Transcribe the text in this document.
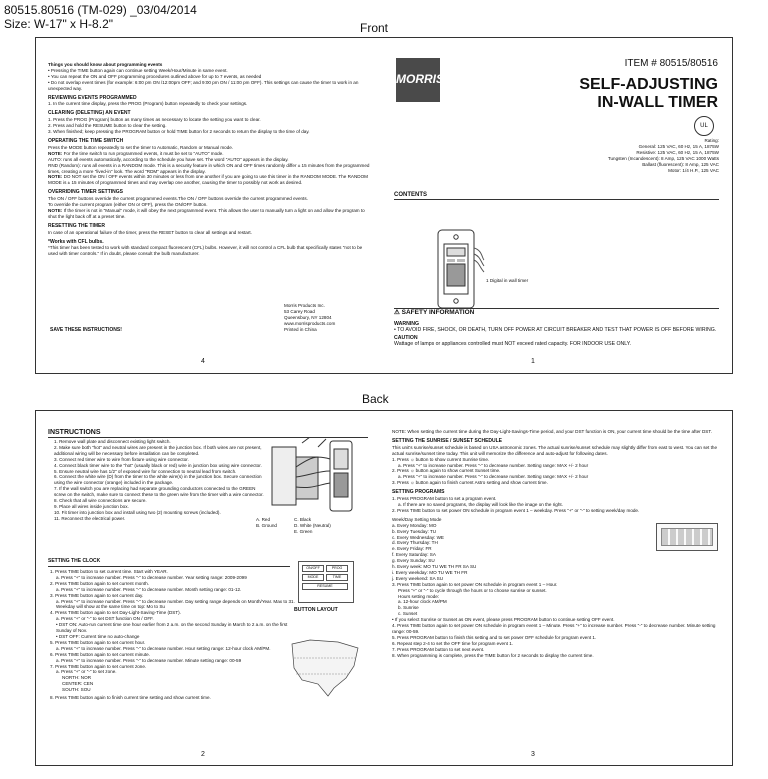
80515.80516 (TM-029) _03/04/2014
Size: W-17" x H-8.2"	Front
Back
Things you should know about programming events
• Pressing the TIME button again can continue setting Week/Hour/Minute in same event.
• You can repeat the ON and OFF programming procedures outlined above for up to 7 events, as needed
• Do not overlap event times (for example: 6:00 pm ON /12:00pm OFF; and 9:00 pm ON / 11:00 pm OFF). This settings can cause the timer to work in an unexpected way.
REVIEWING EVENTS PROGRAMMED
1. In the current time display, press the PROG (Program) button repeatedly to check your settings.
CLEARING (DELETING) AN EVENT
1. Press the PROG (Program) button as many times as necessary to locate the setting you want to clear.
2. Press and hold the RESUME button to clear the setting.
3. When finished; keep pressing the PROGRAM button or hold TIME button for 2 seconds to return the display to the time of day.
OPERATING THE TIME SWITCH
Press the MODE button repeatedly to set the timer to Automatic, Random or Manual mode.
NOTE: For the time switch to run programmed events, it must be set to "AUTO" mode.
AUTO: runs all events automatically, according to the schedule you have set. The word "AUTO" appears in the display.
RND (Random): runs all events in a RANDOM mode. This is a security feature in which ON and OFF times randomly differ ± 15 minutes from the programmed times, creating a more "lived-in" look. The word "RDM" appears in the display.
NOTE: DO NOT set the ON / OFF events within 30 minutes or less from one another if you are going to use this timer in the RANDOM MODE. The RANDOM MODE is ± 15 minutes of programmed times and may overlap one another, causing the timer to possibly not work as desired.
OVERRIDING TIMER SETTINGS
The ON / OFF buttons override the current programmed events.The ON / OFF buttons override the current programmed events.
To override the current program (either ON or OFF), press the ON/OFF button.
NOTE: If the timer is not in "Manual" mode, it will obey the next programmed event. This allows the user to manually turn a light on and allow the program to shut the light back off at a preset time.
RESETTING THE TIMER
In case of an operational failure of the timer, press the RESET button to clear all settings and restart.
*Works with CFL bulbs.
*This timer has been tested to work with standard compact fluorescent (CFL) bulbs. However, it will not control a CFL bulb that specifically states "not to be used with timer controls." If in doubt, please consult the bulb manufacturer.
Morris Products Inc.
53 Carey Road
Queensbury, NY 12804
www.morrisproducts.com
Printed in China
SAVE THESE INSTRUCTIONS!
4
MORRIS
ITEM # 80515/80516
SELF-ADJUSTING
IN-WALL TIMER
UL
Rating:
General: 125 VAC, 60 Hz, 15 A, 1875W
Resistive: 125 VAC, 60 Hz, 15 A, 1875W
Tungsten (Incandescent): 8 Amp, 125 VAC 1000 Watts
Ballast (fluorescent): 8 Amp, 125 VAC
Motor: 1/4 H.P., 125 VAC
CONTENTS
1 Digital in wall timer
⚠ SAFETY INFORMATION
WARNING
• TO AVOID FIRE, SHOCK, OR DEATH, TURN OFF POWER AT CIRCUIT BREAKER AND TEST THAT POWER IS OFF BEFORE WIRING.
CAUTION
Wattage of lamps or appliances controlled must NOT exceed rated capacity. FOR INDOOR USE ONLY.
1
INSTRUCTIONS
1. Remove wall plate and disconnect existing light switch.
2. Make sure both "hot" and neutral wires are present in the junction box. If both wires are not present, additional wiring will be necessary before installation can be completed.
3. Connect red timer wire to wire from fixture using wire connector.
4. Connect black timer wire to the "hot" (usually black or red) wire in junction box using wire connector.
5. Ensure neutral wire has 1/2" of exposed wire for connection to neutral lead from switch.
6. Connect the white wire (D) from the timer to the white wire(s) in the junction box. Secure connection using the wire connector (orange) included in the package.
7. If the wall switch you are replacing had separate grounding conductors connected to the GREEN screw on the switch, make sure to connect these to the green wire from the timer with a wire connector.
8. Check that all wire connections are secure.
9. Place all wires inside junction box.
10. Fit timer into junction box and install using two (2) mounting screws (included).
11. Reconnect the electrical power.	A. Red
B. Ground
C. Black
D. White (Neutral)
E. Green
SETTING THE CLOCK
1. Press TIME button to set current time. Start with YEAR.
a. Press "+" to increase number. Press "-" to decrease number. Year setting range: 2009-2099
2. Press TIME button again to set current month.
a. Press "+" to increase number. Press "-" to decrease number. Month setting range: 01-12.
3. Press TIME button again to set current day.
a. Press "+" to increase number. Press "-" to decrease number. Day setting range depends on Month/Year. Max to 31. Weekday will show at the same time on top: Mo to Su
4. Press TIME button again to set Day-Light-Saving-Time (DST).
a. Press "+" or "-" to set DST function ON / OFF.
• DST ON: Auto-run current time one hour earlier from 2 a.m. on the second Sunday in March to 2 a.m. on the first Sunday of Nov.
• DST OFF: Current time no auto-change
5. Press TIME button again to set current hour.
a. Press "+" to increase number. Press "-" to decrease number. Hour setting range: 12-hour clock AM/PM.
6. Press TIME button again to set current minute.
a. Press "+" to increase number. Press "-" to decrease number. Minute setting range: 00-59
7. Press TIME button again to set current zone.
a. Press "+" or "-" to set zone.
NORTH: NOR
CENTER: CEN
SOUTH: SOU
8. Press TIME button again to finish current time setting and show current time.
ON/OFF	PROG
MODE	TIME
RESUME
BUTTON LAYOUT
2
NOTE: When setting the current time during the Day-Light-Savings-Time period, and your DST function is ON, your current time should be the time after DST.
SETTING THE SUNRISE / SUNSET SCHEDULE
This unit's sunrise/sunset schedule is based on USA astronomic zones. The actual sunrise/sunset schedule may slightly differ from east to west. You can set the actual sunrise/sunset time today. This unit will memorize the difference and auto-adjust for following dates.
1. Press ☼ button to show current Sunrise time.
a. Press "+" to increase number. Press "-" to decrease number. Setting range: MAX +/- 2 hour
2. Press ☼ button again to show current Sunset time.
a. Press "+" to increase number. Press "-" to decrease number. Setting range: MAX +/- 2 hour
3. Press ☼ button again to finish current Astro setting and show current time.
SETTING PROGRAMS
1. Press PROGRAM button to set a program event.
a. If there are no saved programs, the display will look like the image on the right.
2. Press TIME button to set power ON schedule in program event 1 – weekday. Press "+" or "-" to setting week/day mode.
Week/Day Setting Mode
a. Every Monday: MO
b. Every Tuesday: TU
c. Every Wednesday: WE
d. Every Thursday: TH
e. Every Friday: FR
f. Every Saturday: SA
g. Every Sunday: SU
h. Every week: MO TU WE TH FR SA SU
i. Every weekday: MO TU WE TH FR
j. Every weekend: SA SU
3. Press TIME button again to set power ON schedule in program event 1 – Hour.
Press "+" or "-" to cycle through the hours or to choose sunrise or sunset.
Hours setting mode:
a. 12-hour clock AM/PM
b. Sunrise
c. Sunset
• If you select Sunrise or Sunset as ON event, please press PROGRAM button to continue setting OFF event.
4. Press TIME button again to set power ON schedule in program event 1 – Minute. Press "+" to increase number. Press "-" to decrease number. Minute setting range: 00-59.
5. Press PROGRAM button to finish this setting and to set power OFF schedule for program event 1.
6. Repeat step 2-4 to set the OFF time for program event 1.
7. Press PROGRAM button to set next event.
8. When programming is complete, press the TIME button for 2 seconds to display the current time.
3
